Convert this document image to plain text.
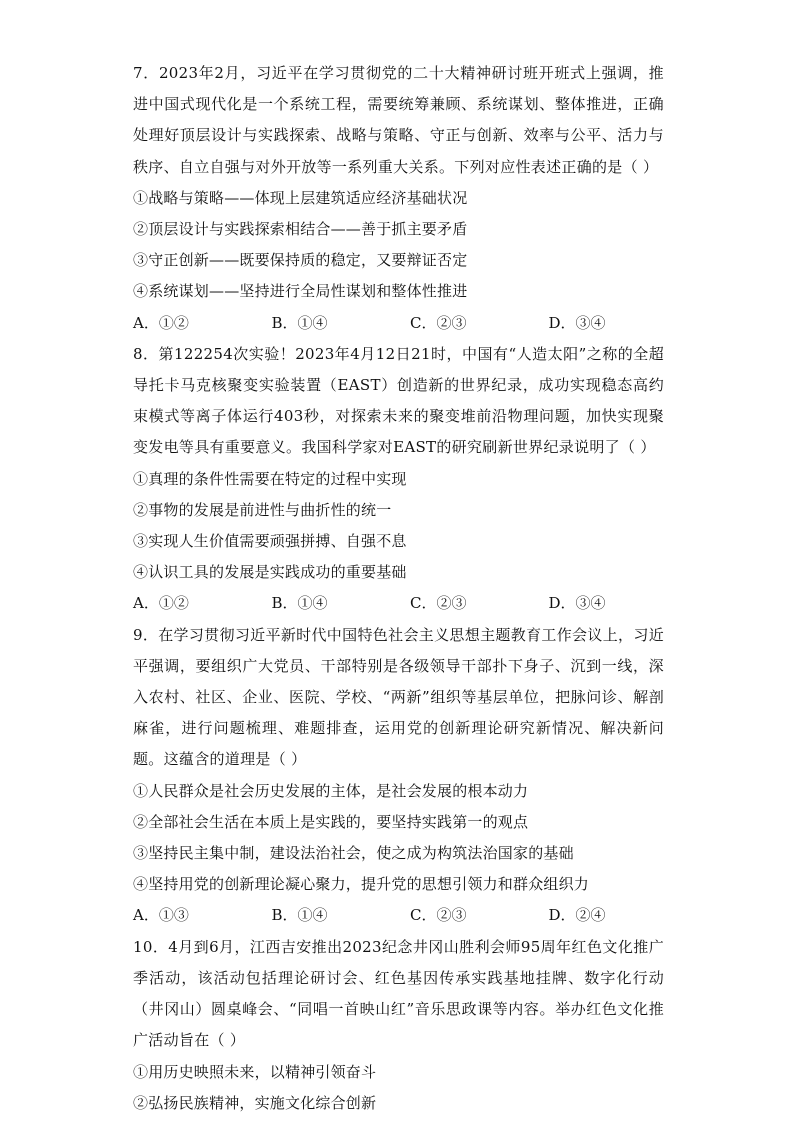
7．2023年2月，习近平在学习贯彻党的二十大精神研讨班开班式上强调，推进中国式现代化是一个系统工程，需要统筹兼顾、系统谋划、整体推进，正确处理好顶层设计与实践探索、战略与策略、守正与创新、效率与公平、活力与秩序、自立自强与对外开放等一系列重大关系。下列对应性表述正确的是（ ）

①战略与策略——体现上层建筑适应经济基础状况

②顶层设计与实践探索相结合——善于抓主要矛盾

③守正创新——既要保持质的稳定，又要辩证否定

④系统谋划——坚持进行全局性谋划和整体性推进

A．①②	B．①④	C．②③	D．③④

8．第122254次实验！2023年4月12日21时，中国有“人造太阳”之称的全超导托卡马克核聚变实验装置（EAST）创造新的世界纪录，成功实现稳态高约束模式等离子体运行403秒，对探索未来的聚变堆前沿物理问题，加快实现聚变发电等具有重要意义。我国科学家对EAST的研究刷新世界纪录说明了（ ）

①真理的条件性需要在特定的过程中实现

②事物的发展是前进性与曲折性的统一

③实现人生价值需要顽强拼搏、自强不息

④认识工具的发展是实践成功的重要基础

A．①②	B．①④	C．②③	D．③④

9．在学习贯彻习近平新时代中国特色社会主义思想主题教育工作会议上，习近平强调，要组织广大党员、干部特别是各级领导干部扑下身子、沉到一线，深入农村、社区、企业、医院、学校、“两新”组织等基层单位，把脉问诊、解剖麻雀，进行问题梳理、难题排查，运用党的创新理论研究新情况、解决新问题。这蕴含的道理是（ ）

①人民群众是社会历史发展的主体，是社会发展的根本动力

②全部社会生活在本质上是实践的，要坚持实践第一的观点

③坚持民主集中制，建设法治社会，使之成为构筑法治国家的基础

④坚持用党的创新理论凝心聚力，提升党的思想引领力和群众组织力

A．①③	B．①④	C．②③	D．②④

10．4月到6月，江西吉安推出2023纪念井冈山胜利会师95周年红色文化推广季活动，该活动包括理论研讨会、红色基因传承实践基地挂牌、数字化行动（井冈山）圆桌峰会、“同唱一首映山红”音乐思政课等内容。举办红色文化推广活动旨在（ ）

①用历史映照未来，以精神引领奋斗

②弘扬民族精神，实施文化综合创新
